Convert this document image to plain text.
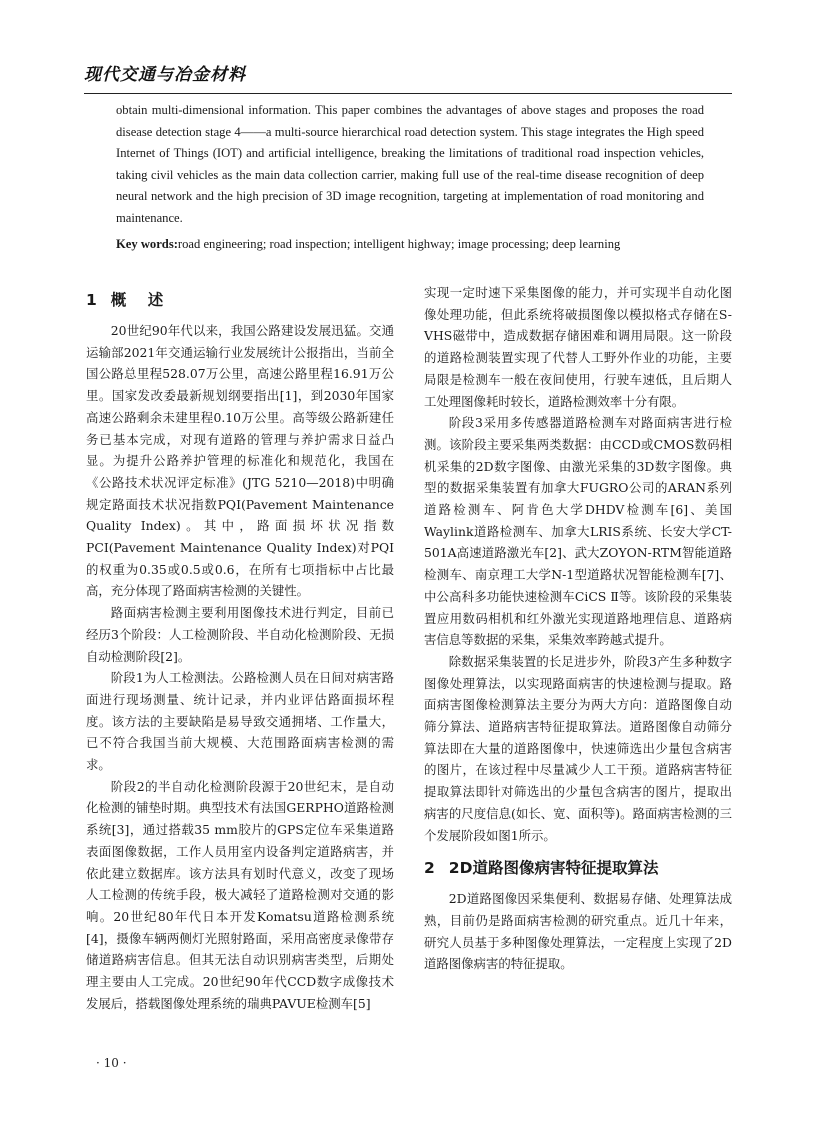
现代交通与冶金材料

obtain multi-dimensional information. This paper combines the advantages of above stages and proposes the road disease detection stage 4——a multi-source hierarchical road detection system. This stage integrates the High speed Internet of Things (IOT) and artificial intelligence, breaking the limitations of traditional road inspection vehicles, taking civil vehicles as the main data collection carrier, making full use of the real-time disease recognition of deep neural network and the high precision of 3D image recognition, targeting at implementation of road monitoring and maintenance.

Key words:road engineering; road inspection; intelligent highway; image processing; deep learning
1 概 述

20世纪90年代以来，我国公路建设发展迅猛。交通运输部2021年交通运输行业发展统计公报指出，当前全国公路总里程528.07万公里，高速公路里程16.91万公里。国家发改委最新规划纲要指出[1]，到2030年国家高速公路剩余未建里程0.10万公里。高等级公路新建任务已基本完成，对现有道路的管理与养护需求日益凸显。为提升公路养护管理的标准化和规范化，我国在《公路技术状况评定标准》(JTG 5210—2018)中明确规定路面技术状况指数PQI(Pavement Maintenance Quality Index)。其中，路面损坏状况指数PCI(Pavement Maintenance Quality Index)对PQI的权重为0.35或0.5或0.6，在所有七项指标中占比最高，充分体现了路面病害检测的关键性。

路面病害检测主要利用图像技术进行判定，目前已经历3个阶段：人工检测阶段、半自动化检测阶段、无损自动检测阶段[2]。

阶段1为人工检测法。公路检测人员在日间对病害路面进行现场测量、统计记录，并内业评估路面损坏程度。该方法的主要缺陷是易导致交通拥堵、工作量大，已不符合我国当前大规模、大范围路面病害检测的需求。

阶段2的半自动化检测阶段源于20世纪末，是自动化检测的铺垫时期。典型技术有法国GERPHO道路检测系统[3]，通过搭载35 mm胶片的GPS定位车采集道路表面图像数据，工作人员用室内设备判定道路病害，并依此建立数据库。该方法具有划时代意义，改变了现场人工检测的传统手段，极大减轻了道路检测对交通的影响。20世纪80年代日本开发Komatsu道路检测系统[4]，摄像车辆两侧灯光照射路面，采用高密度录像带存储道路病害信息。但其无法自动识别病害类型，后期处理主要由人工完成。20世纪90年代CCD数字成像技术发展后，搭载图像处理系统的瑞典PAVUE检测车[5]

实现一定时速下采集图像的能力，并可实现半自动化图像处理功能，但此系统将破损图像以模拟格式存储在S-VHS磁带中，造成数据存储困难和调用局限。这一阶段的道路检测装置实现了代替人工野外作业的功能，主要局限是检测车一般在夜间使用，行驶车速低，且后期人工处理图像耗时较长，道路检测效率十分有限。

阶段3采用多传感器道路检测车对路面病害进行检测。该阶段主要采集两类数据：由CCD或CMOS数码相机采集的2D数字图像、由激光采集的3D数字图像。典型的数据采集装置有加拿大FUGRO公司的ARAN系列道路检测车、阿肯色大学DHDV检测车[6]、美国Waylink道路检测车、加拿大LRIS系统、长安大学CT-501A高速道路激光车[2]、武大ZOYON-RTM智能道路检测车、南京理工大学N-1型道路状况智能检测车[7]、中公高科多功能快速检测车CiCS Ⅱ等。该阶段的采集装置应用数码相机和红外激光实现道路地理信息、道路病害信息等数据的采集，采集效率跨越式提升。

除数据采集装置的长足进步外，阶段3产生多种数字图像处理算法，以实现路面病害的快速检测与提取。路面病害图像检测算法主要分为两大方向：道路图像自动筛分算法、道路病害特征提取算法。道路图像自动筛分算法即在大量的道路图像中，快速筛选出少量包含病害的图片，在该过程中尽量减少人工干预。道路病害特征提取算法即针对筛选出的少量包含病害的图片，提取出病害的尺度信息(如长、宽、面积等)。路面病害检测的三个发展阶段如图1所示。

2 2D道路图像病害特征提取算法

2D道路图像因采集便利、数据易存储、处理算法成熟，目前仍是路面病害检测的研究重点。近几十年来，研究人员基于多种图像处理算法，一定程度上实现了2D道路图像病害的特征提取。

· 10 ·
